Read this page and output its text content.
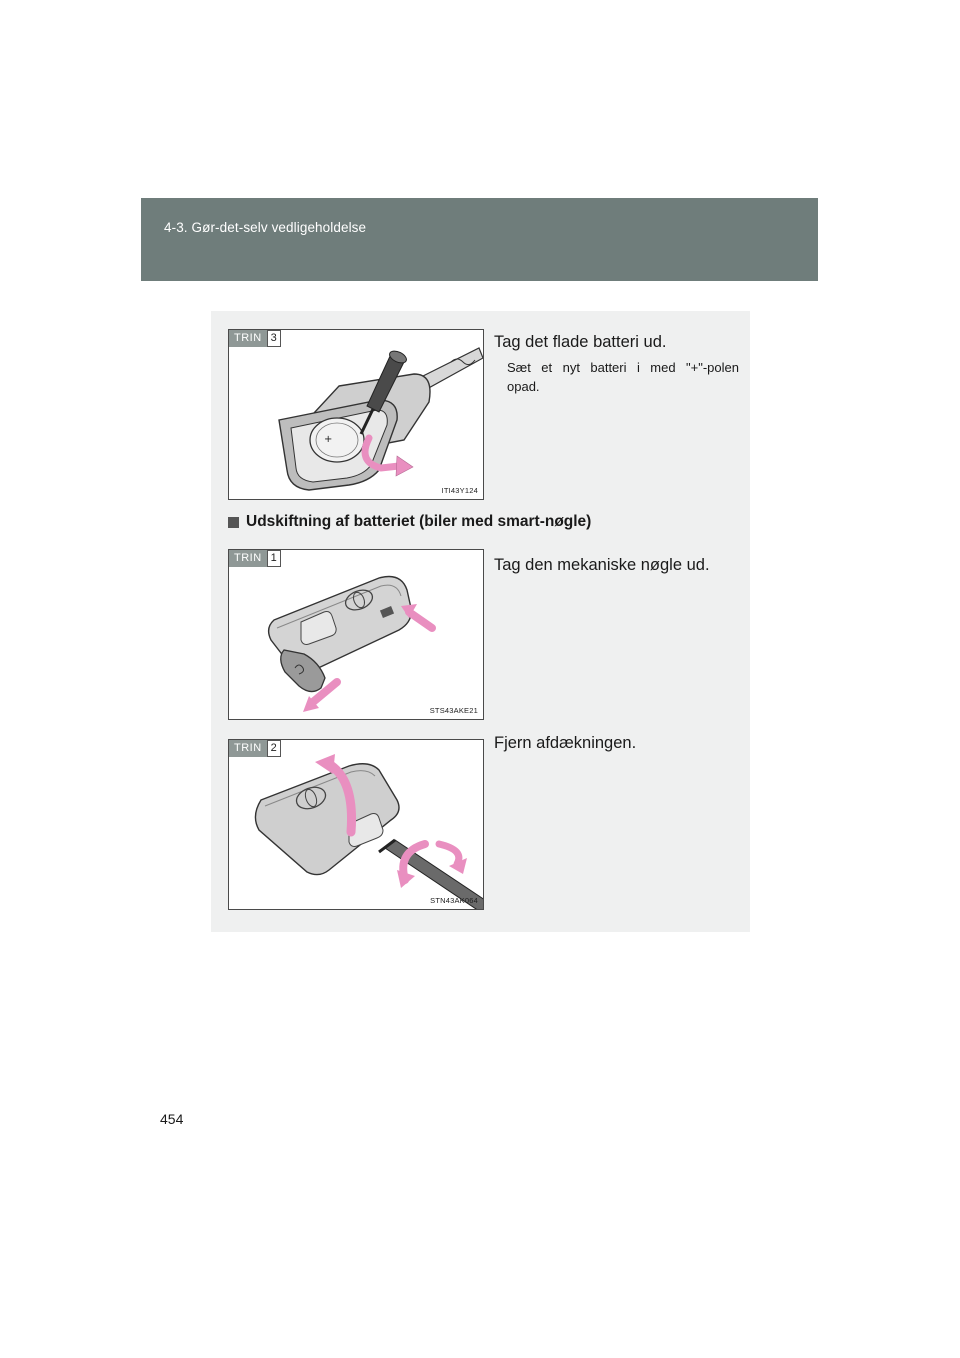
4-3. Gør-det-selv vedligeholdelse
+
TRIN 3
ITI43Y124
Tag det flade batteri ud.
Sæt et nyt batteri i med "+"-polen opad.
Udskiftning af batteriet (biler med smart-nøgle)
TRIN 1
STS43AKE21
Tag den mekaniske nøgle ud.
TRIN 2
STN43AK064
Fjern afdækningen.
454
